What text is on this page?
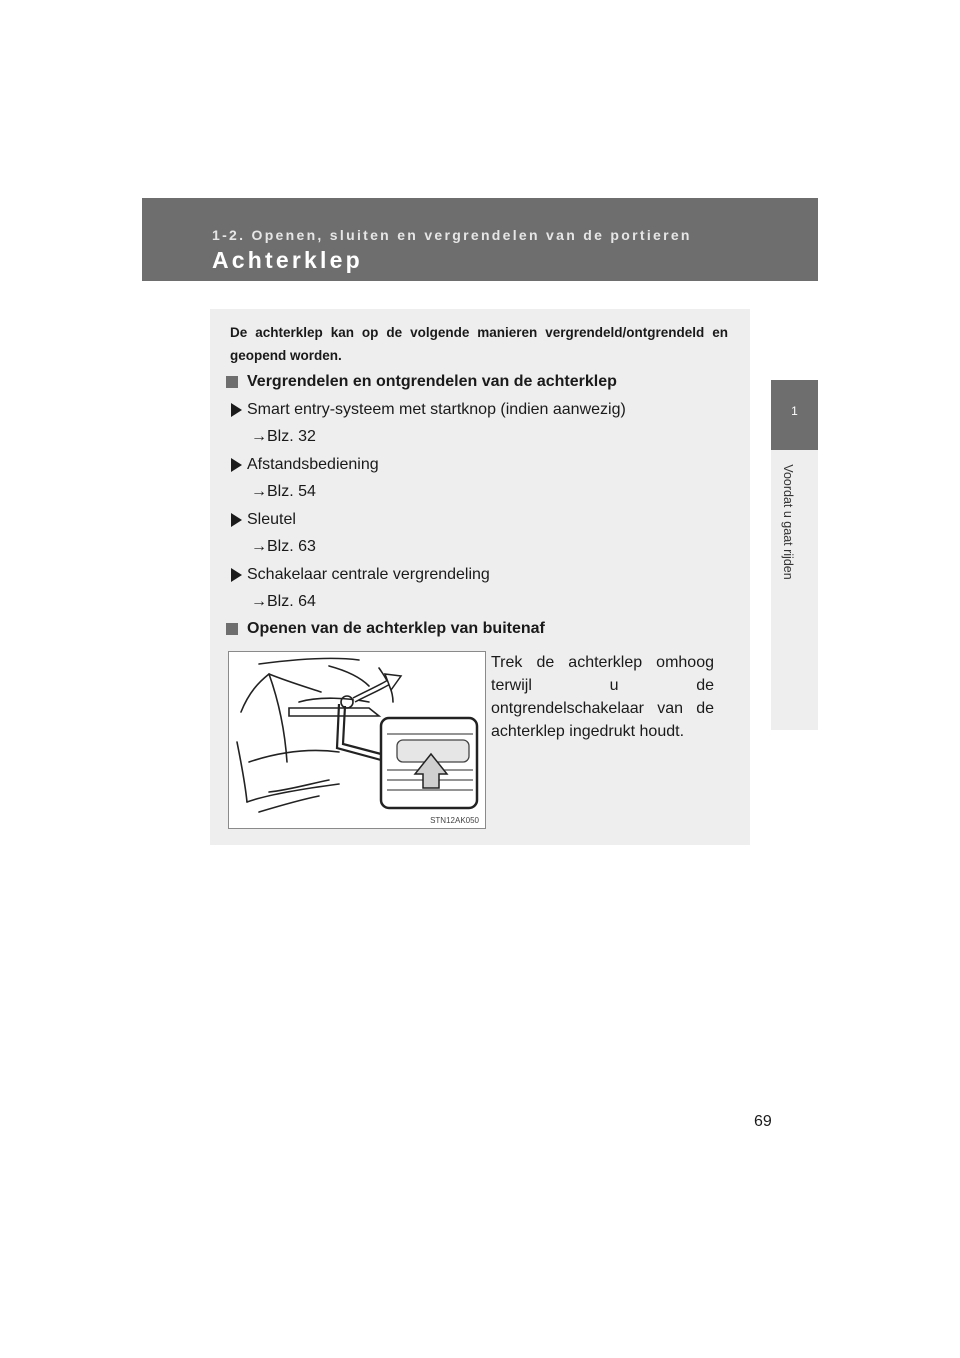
1-2. Openen, sluiten en vergrendelen van de portieren
Achterklep
1
Voordat u gaat rijden
De achterklep kan op de volgende manieren vergrendeld/ontgrendeld en geopend worden.
Vergrendelen en ontgrendelen van de achterklep
Smart entry-systeem met startknop (indien aanwezig)
→Blz. 32
Afstandsbediening
→Blz. 54
Sleutel
→Blz. 63
Schakelaar centrale vergrendeling
→Blz. 64
Openen van de achterklep van buitenaf
STN12AK050
Trek de achterklep omhoog terwijl u de ontgrendelschakelaar van de achterklep ingedrukt houdt.
69
